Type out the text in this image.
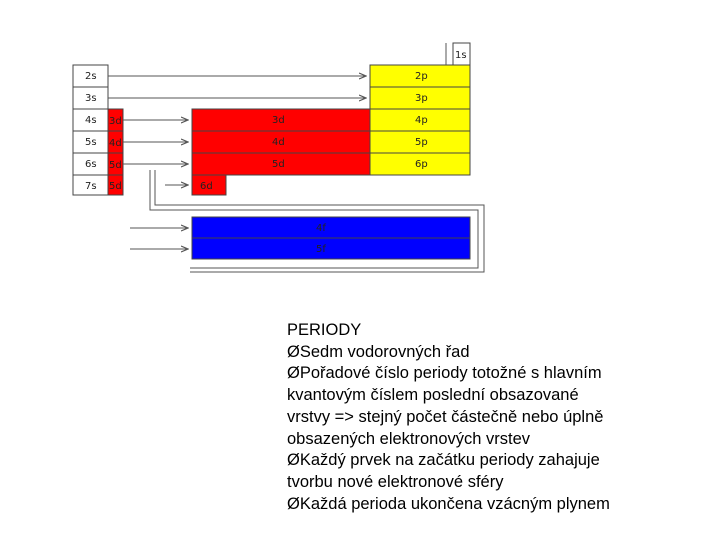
2s
3s
4s
5s
6s
7s
3d
4d
5d
5d
3d
4d
5d
6d
1s
2p
3p
4p
5p
6p
4f
5f
PERIODY
ØSedm vodorovných řad
ØPořadové číslo periody totožné s hlavním
kvantovým číslem poslední obsazované
vrstvy => stejný počet částečně nebo úplně
obsazených elektronových vrstev
ØKaždý prvek na začátku periody zahajuje
tvorbu nové elektronové sféry
ØKaždá perioda ukončena vzácným plynem
